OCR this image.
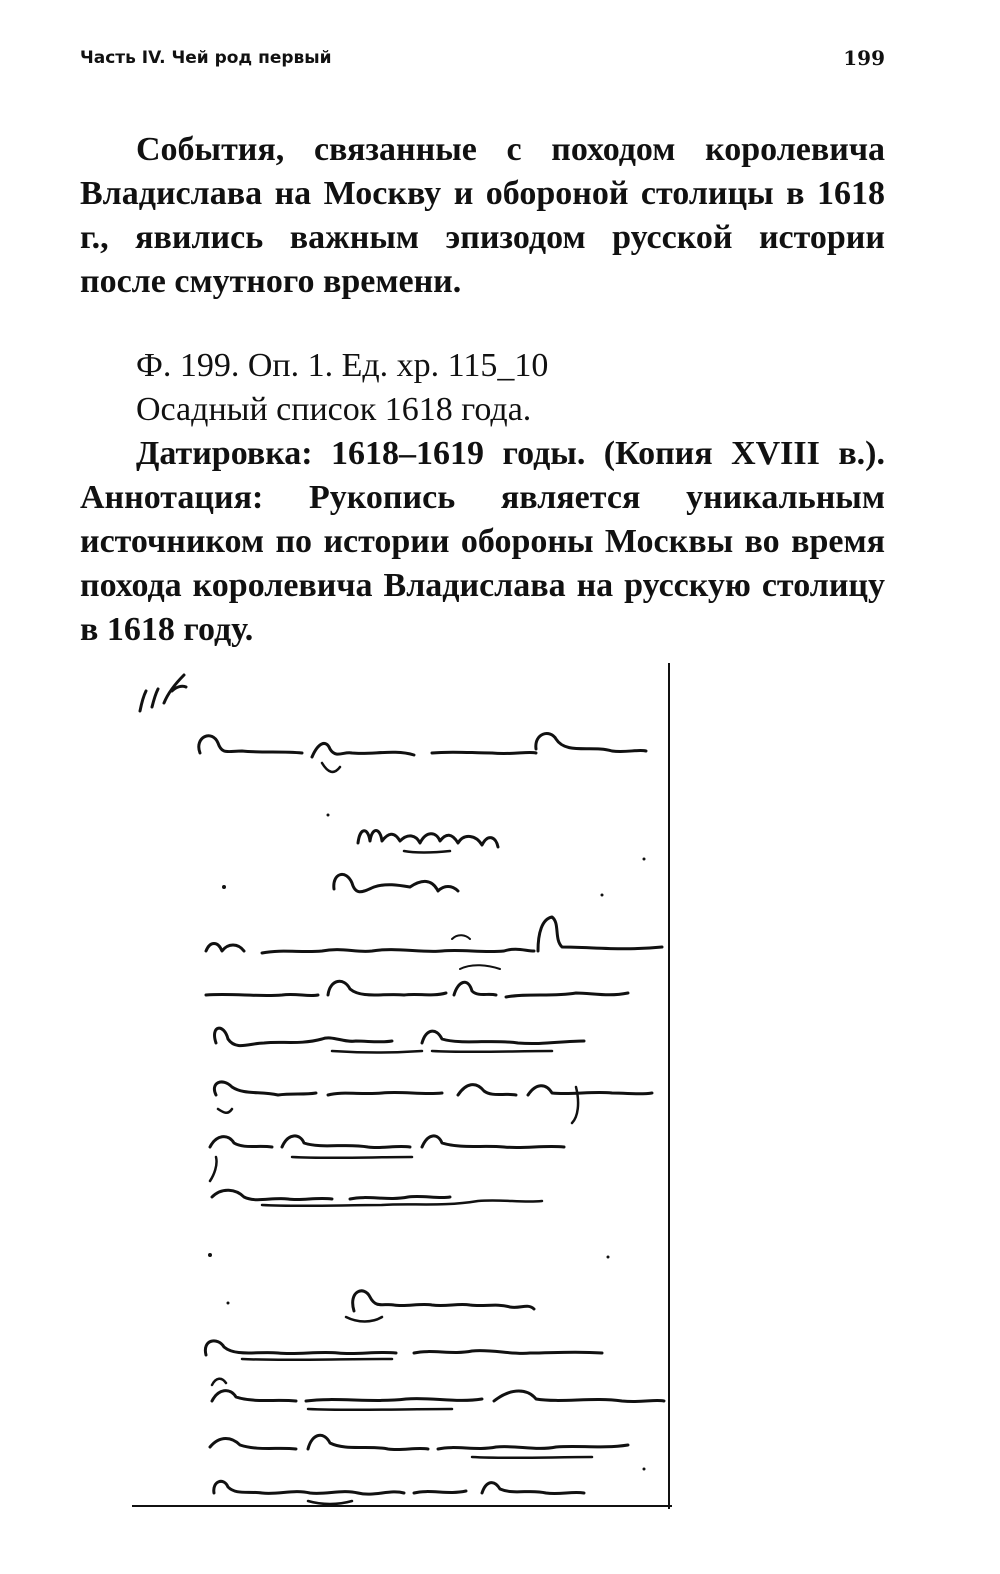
Часть IV. Чей род первый	199

События, связанные с походом королевича Владислава на Москву и обороной столицы в 1618 г., явились важным эпизодом русской истории после смутного времени.

Ф. 199. Оп. 1. Ед. хр. 115_10

Осадный список 1618 года.

Датировка: 1618–1619 годы. (Копия XVIII в.). Аннотация: Рукопись является уникальным источником по истории обороны Москвы во время похода королевича Владислава на русскую столицу в 1618 году.
